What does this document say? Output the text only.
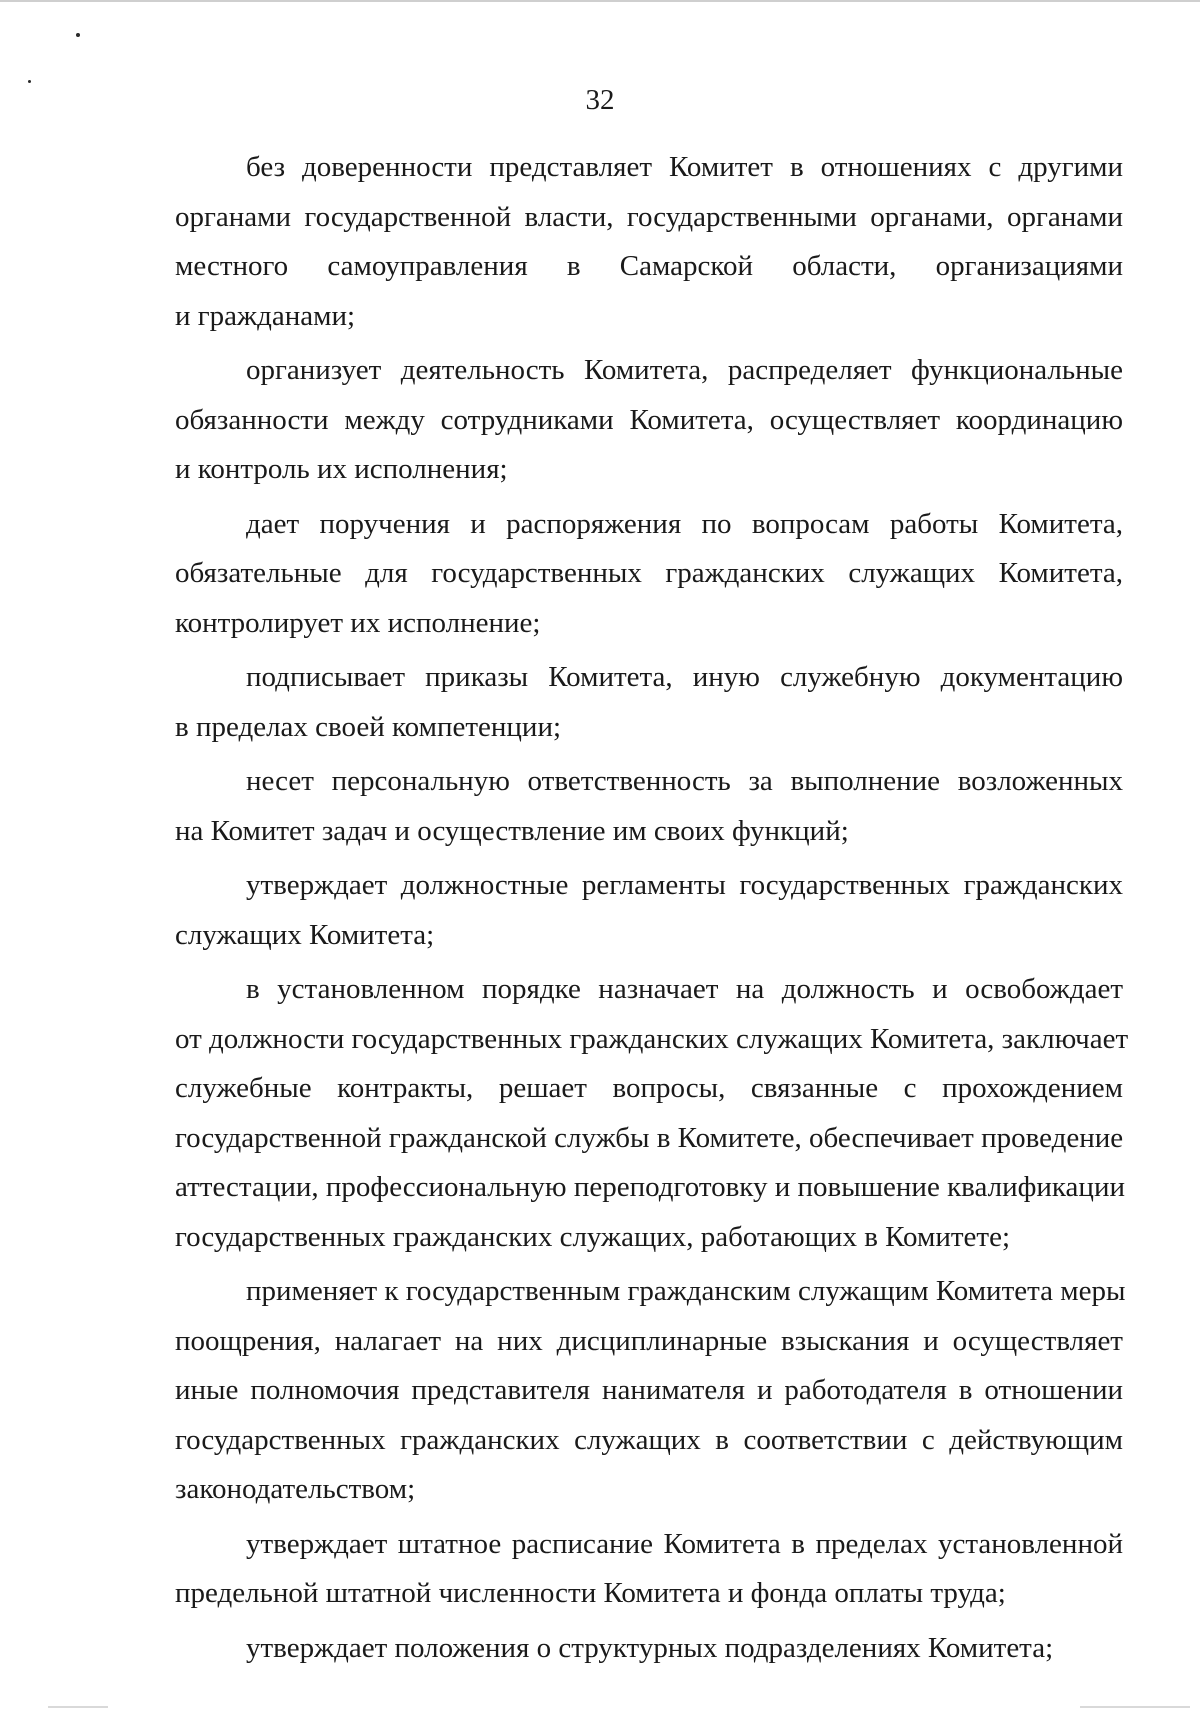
32
без доверенности представляет Комитет в отношениях с другими
органами государственной власти, государственными органами, органами
местного самоуправления в Самарской области, организациями
и гражданами;
организует деятельность Комитета, распределяет функциональные
обязанности между сотрудниками Комитета, осуществляет координацию
и контроль их исполнения;
дает поручения и распоряжения по вопросам работы Комитета,
обязательные для государственных гражданских служащих Комитета,
контролирует их исполнение;
подписывает приказы Комитета, иную служебную документацию
в пределах своей компетенции;
несет персональную ответственность за выполнение возложенных
на Комитет задач и осуществление им своих функций;
утверждает должностные регламенты государственных гражданских
служащих Комитета;
в установленном порядке назначает на должность и освобождает
от должности государственных гражданских служащих Комитета, заключает
служебные контракты, решает вопросы, связанные с прохождением
государственной гражданской службы в Комитете, обеспечивает проведение
аттестации, профессиональную переподготовку и повышение квалификации
государственных гражданских служащих, работающих в Комитете;
применяет к государственным гражданским служащим Комитета меры
поощрения, налагает на них дисциплинарные взыскания и осуществляет
иные полномочия представителя нанимателя и работодателя в отношении
государственных гражданских служащих в соответствии с действующим
законодательством;
утверждает штатное расписание Комитета в пределах установленной
предельной штатной численности Комитета и фонда оплаты труда;
утверждает положения о структурных подразделениях Комитета;
